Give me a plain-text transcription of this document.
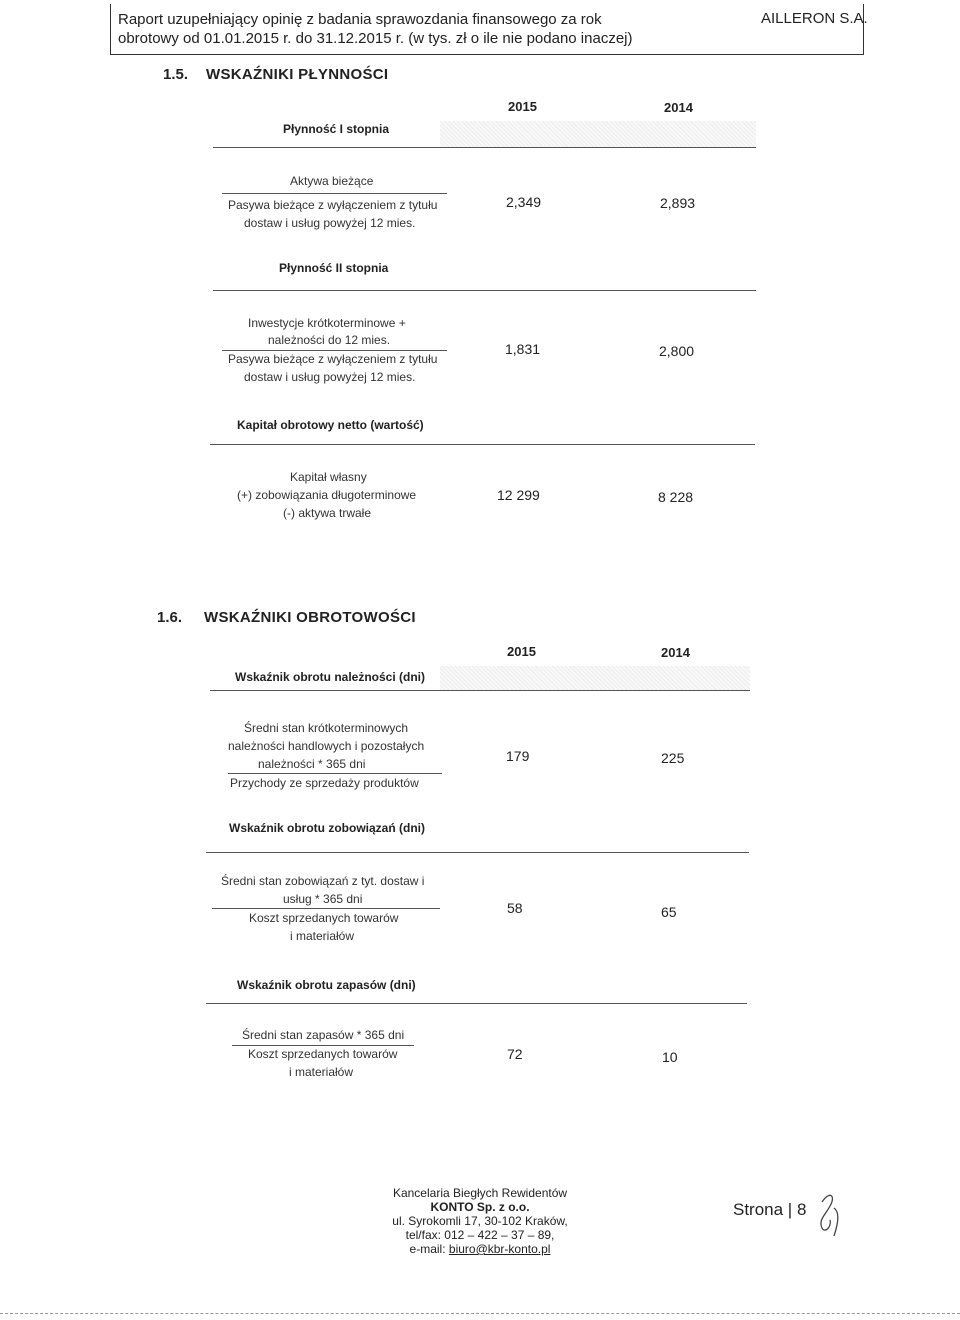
Raport uzupełniający opinię z badania sprawozdania finansowego za rok
obrotowy od 01.01.2015 r. do 31.12.2015 r. (w tys. zł o ile nie podano inaczej)
AILLERON S.A.
1.5. WSKAŹNIKI PŁYNNOŚCI
2015	2014
Płynność I stopnia
Aktywa bieżące
Pasywa bieżące z wyłączeniem z tytułu
dostaw i usług powyżej 12 mies.
2,349	2,893
Płynność II stopnia
Inwestycje krótkoterminowe +
należności do 12 mies.
Pasywa bieżące z wyłączeniem z tytułu
dostaw i usług powyżej 12 mies.
1,831	2,800
Kapitał obrotowy netto (wartość)
Kapitał własny
(+) zobowiązania długoterminowe
(-) aktywa trwałe
12 299	8 228
1.6. WSKAŹNIKI OBROTOWOŚCI
2015	2014
Wskaźnik obrotu należności (dni)
Średni stan krótkoterminowych
należności handlowych i pozostałych
należności * 365 dni
Przychody ze sprzedaży produktów
179	225
Wskaźnik obrotu zobowiązań (dni)
Średni stan zobowiązań z tyt. dostaw i
usług * 365 dni
Koszt sprzedanych towarów
i materiałów
58	65
Wskaźnik obrotu zapasów (dni)
Średni stan zapasów * 365 dni
Koszt sprzedanych towarów
i materiałów
72	10
Kancelaria Biegłych Rewidentów
KONTO Sp. z o.o.
ul. Syrokomli 17, 30-102 Kraków,
tel/fax: 012 – 422 – 37 – 89,
e-mail: biuro@kbr-konto.pl
Strona | 8
